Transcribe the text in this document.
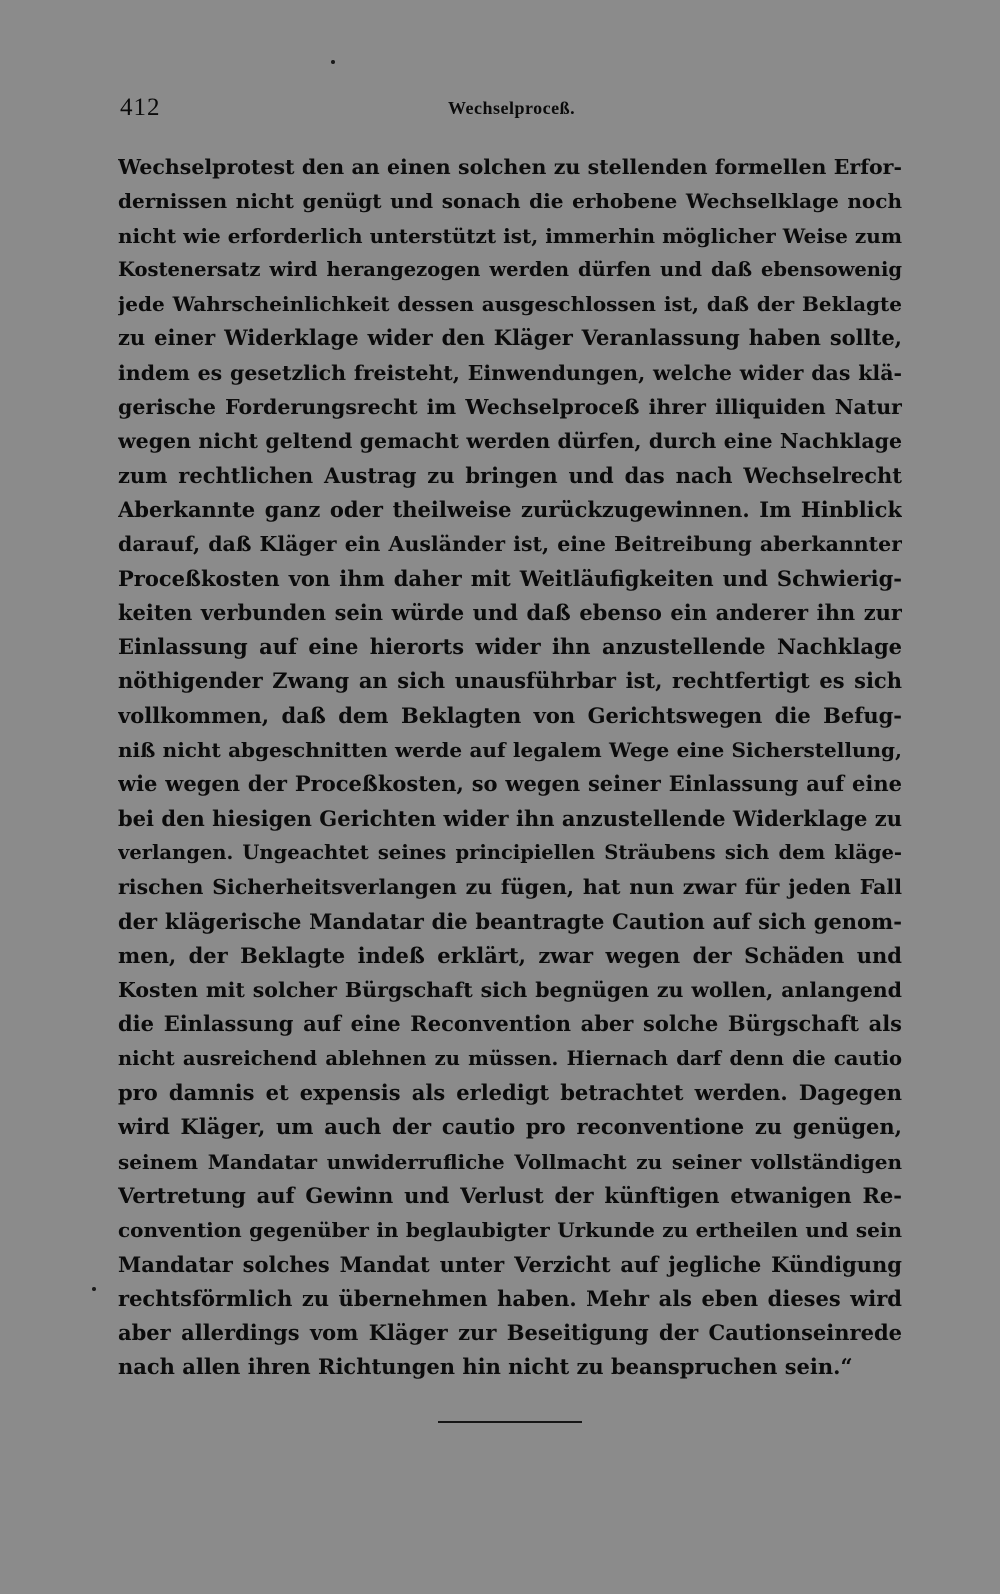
412	Wechselproceß.
Wechselprotest den an einen solchen zu stellenden formellen Erfor-
dernissen nicht genügt und sonach die erhobene Wechselklage noch
nicht wie erforderlich unterstützt ist, immerhin möglicher Weise zum
Kostenersatz wird herangezogen werden dürfen und daß ebensowenig
jede Wahrscheinlichkeit dessen ausgeschlossen ist, daß der Beklagte
zu einer Widerklage wider den Kläger Veranlassung haben sollte,
indem es gesetzlich freisteht, Einwendungen, welche wider das klä-
gerische Forderungsrecht im Wechselproceß ihrer illiquiden Natur
wegen nicht geltend gemacht werden dürfen, durch eine Nachklage
zum rechtlichen Austrag zu bringen und das nach Wechselrecht
Aberkannte ganz oder theilweise zurückzugewinnen. Im Hinblick
darauf, daß Kläger ein Ausländer ist, eine Beitreibung aberkannter
Proceßkosten von ihm daher mit Weitläufigkeiten und Schwierig-
keiten verbunden sein würde und daß ebenso ein anderer ihn zur
Einlassung auf eine hierorts wider ihn anzustellende Nachklage
nöthigender Zwang an sich unausführbar ist, rechtfertigt es sich
vollkommen, daß dem Beklagten von Gerichtswegen die Befug-
niß nicht abgeschnitten werde auf legalem Wege eine Sicherstellung,
wie wegen der Proceßkosten, so wegen seiner Einlassung auf eine
bei den hiesigen Gerichten wider ihn anzustellende Widerklage zu
verlangen. Ungeachtet seines principiellen Sträubens sich dem kläge-
rischen Sicherheitsverlangen zu fügen, hat nun zwar für jeden Fall
der klägerische Mandatar die beantragte Caution auf sich genom-
men, der Beklagte indeß erklärt, zwar wegen der Schäden und
Kosten mit solcher Bürgschaft sich begnügen zu wollen, anlangend
die Einlassung auf eine Reconvention aber solche Bürgschaft als
nicht ausreichend ablehnen zu müssen. Hiernach darf denn die cautio
pro damnis et expensis als erledigt betrachtet werden. Dagegen
wird Kläger, um auch der cautio pro reconventione zu genügen,
seinem Mandatar unwiderrufliche Vollmacht zu seiner vollständigen
Vertretung auf Gewinn und Verlust der künftigen etwanigen Re-
convention gegenüber in beglaubigter Urkunde zu ertheilen und sein
Mandatar solches Mandat unter Verzicht auf jegliche Kündigung
rechtsförmlich zu übernehmen haben. Mehr als eben dieses wird
aber allerdings vom Kläger zur Beseitigung der Cautionseinrede
nach allen ihren Richtungen hin nicht zu beanspruchen sein.“
